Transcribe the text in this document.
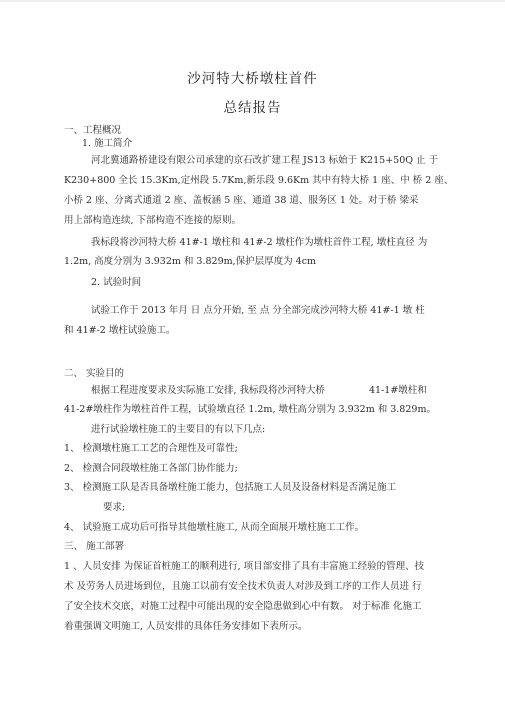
沙河特大桥墩柱首件
总结报告
一、工程概况
1. 施工简介
河北冀通路桥建设有限公司承建的京石改扩建工程 JS13 标始于 K215+50Q 止 于
K230+800 全长 15.3Km,定州段 5.7Km,新乐段 9.6Km 其中有特大桥 1 座、中 桥 2 座、
小桥 2 座、分离式通道 2 座、盖板涵 5 座、通道 38 道、服务区 1 处。对于桥 梁采
用上部构造连续, 下部构造不连接的原则。
我标段将沙河特大桥 41#-1 墩柱和 41#-2 墩柱作为墩柱首件工程, 墩柱直径 为
1.2m, 高度分别为 3.932m 和 3.829m,保护层厚度为 4cm
2. 试验时间
试验工作于 2013 年月 日 点分开始, 至 点 分全部完成沙河特大桥 41#-1 墩 柱
和 41#-2 墩柱试验施工。
二、 实验目的
根据工程进度要求及实际施工安排, 我标段将沙河特大桥	41-1#墩柱和
41-2#墩柱作为墩柱首件工程，试验墩直径 1.2m, 墩柱高分别为 3.932m 和 3.829m。
进行试验墩柱施工的主要目的有以下几点:
1、 检测墩柱施工工艺的合理性及可靠性;
2、 检测合同段墩柱施工各部门协作能力;
3、 检测施工队是否具备墩柱施工能力，包括施工人员及设备材料是否满足施工
要求;
4、 试验施工成功后可指导其他墩柱施工, 从而全面展开墩柱施工工作。
三、 施工部署
1 、人员安排 为保证首桩施工的顺利进行, 项目部安排了具有丰富施工经验的管理、技
术 及劳务人员进场到位，且施工以前有安全技术负责人对涉及到工序的工作人员进 行
了安全技术交底，对施工过程中可能出现的安全隐患做到心中有数。 对于标准 化施工
着重强调文明施工, 人员安排的具体任务安排如下表所示。
